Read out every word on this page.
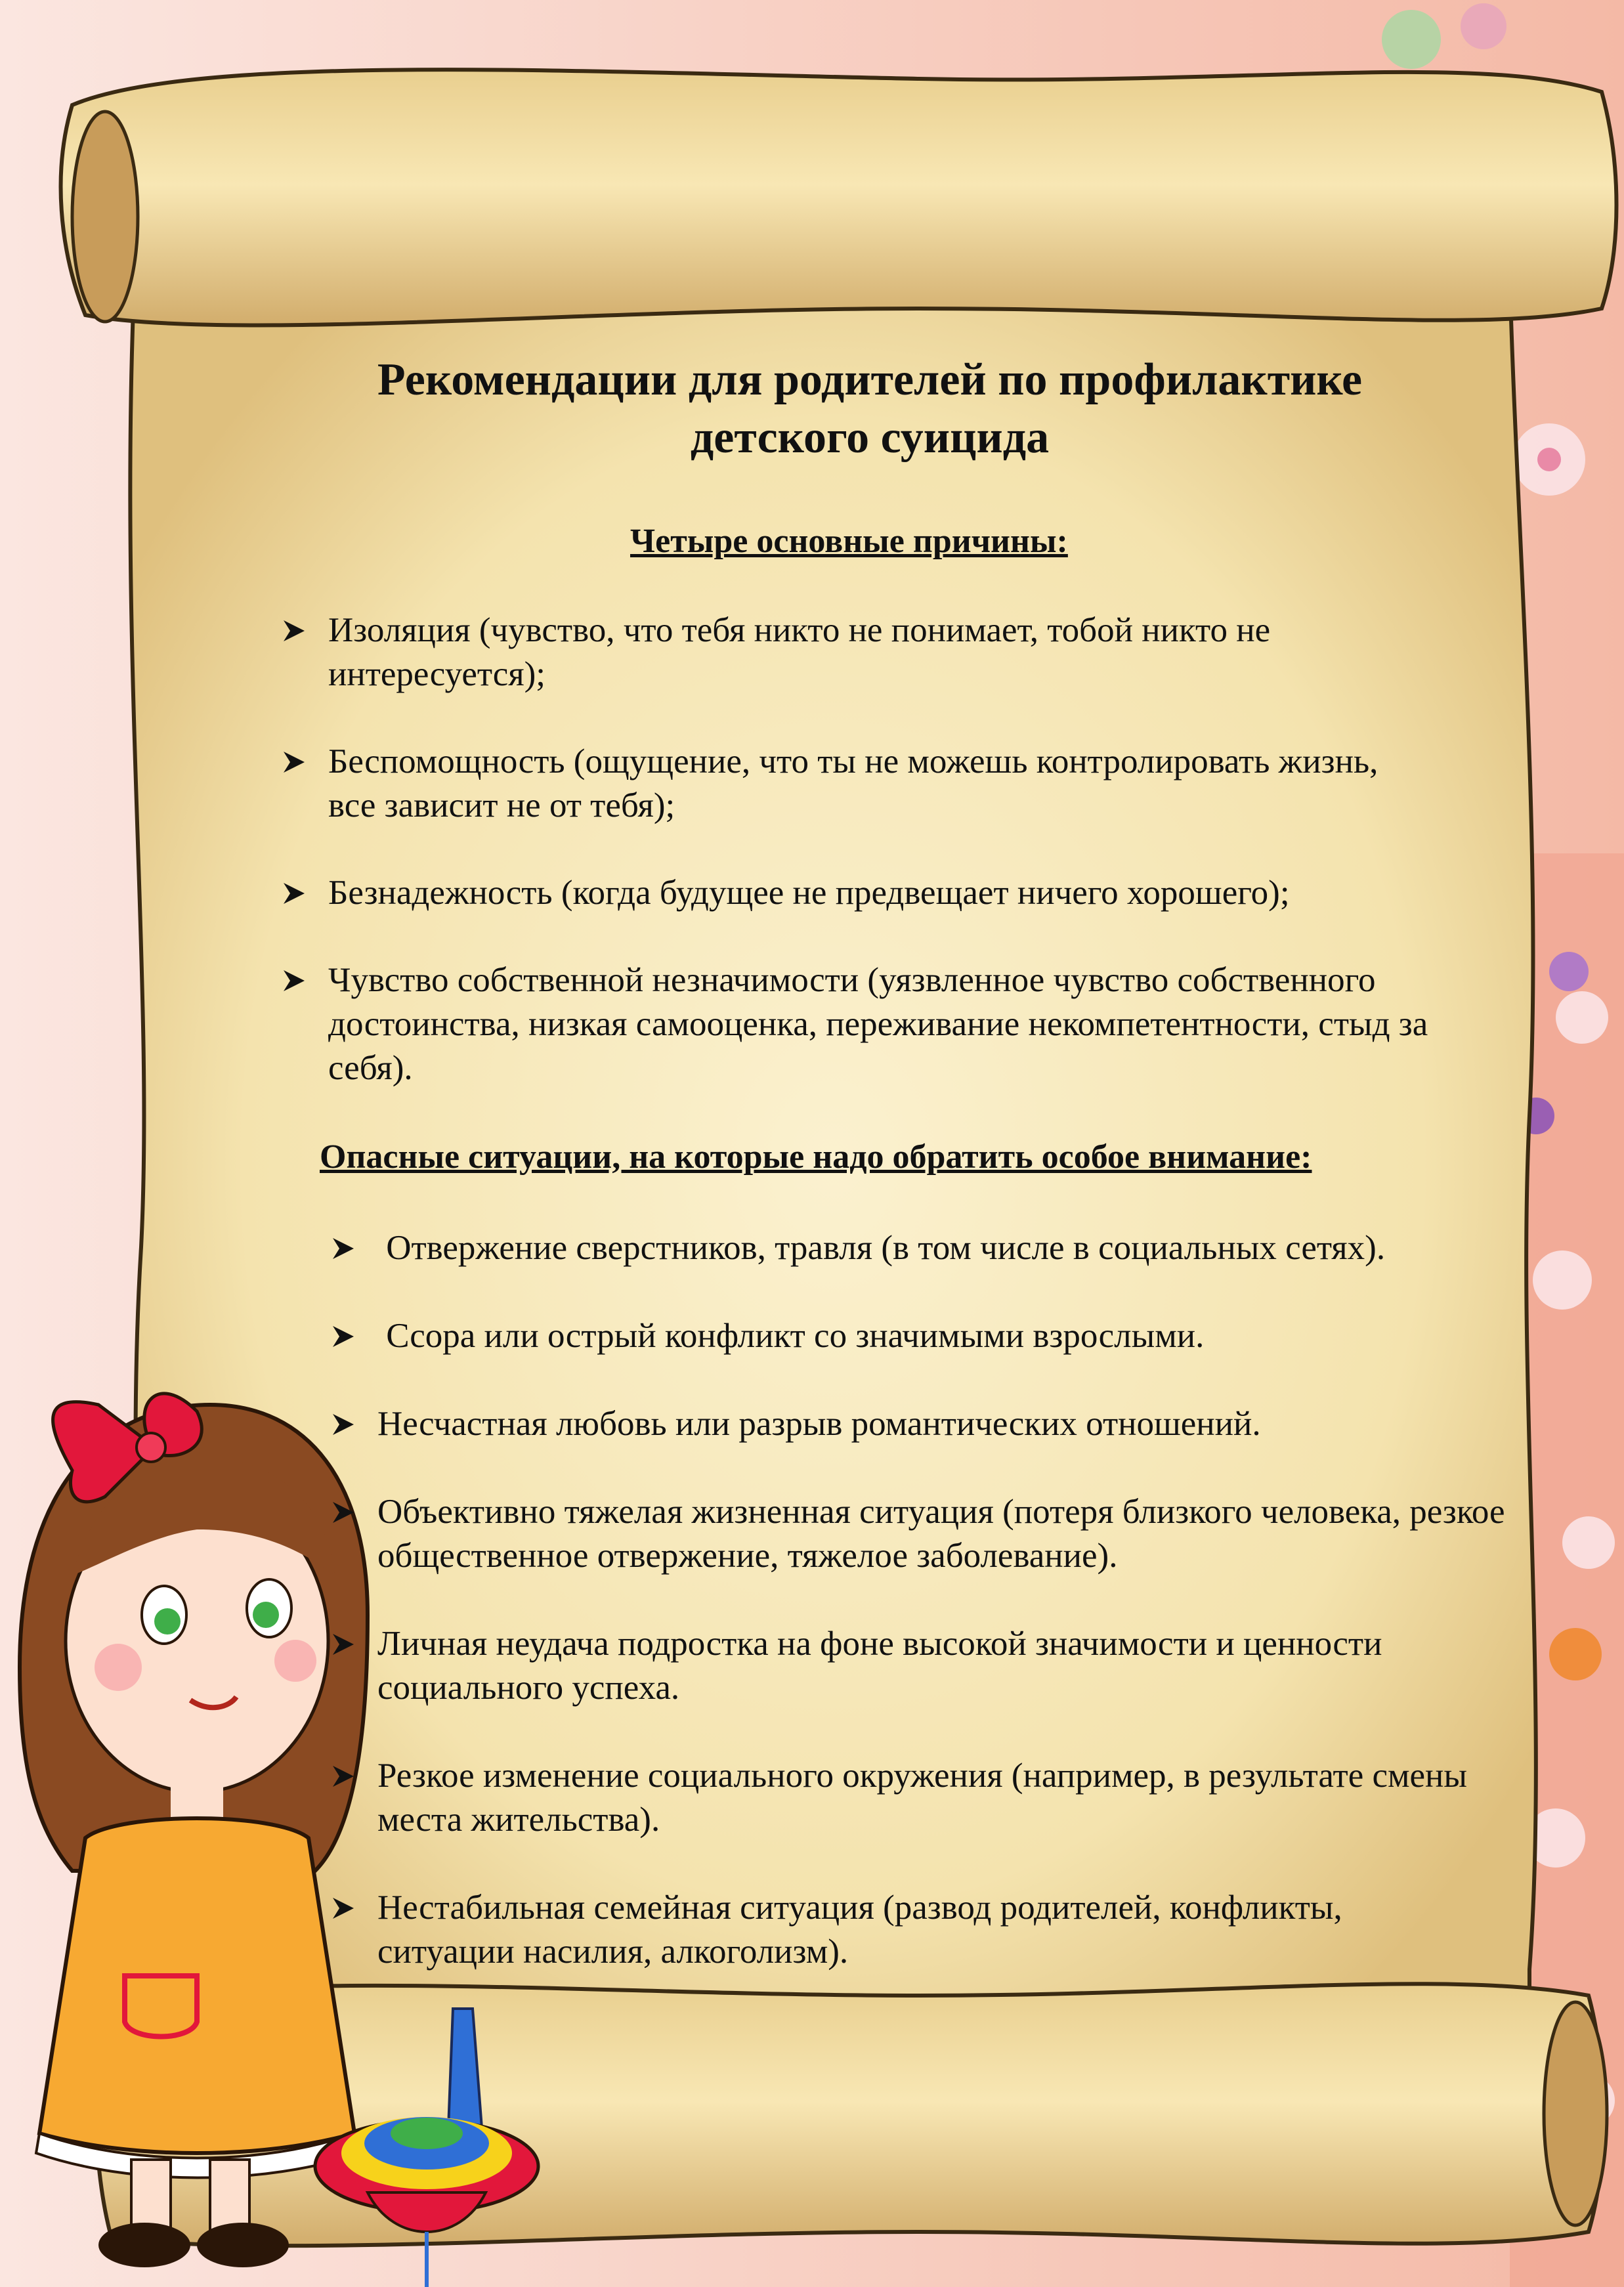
Рекомендации для родителей по профилактике
детского суицида
Четыре основные причины:
Изоляция (чувство, что тебя никто не понимает, тобой никто не интересуется);
Беспомощность (ощущение, что ты не можешь контролировать жизнь, все зависит не от тебя);
Безнадежность (когда будущее не предвещает ничего хорошего);
Чувство собственной незначимости (уязвленное чувство собственного достоинства, низкая самооценка, переживание некомпетентности, стыд за себя).
Опасные ситуации, на которые надо обратить особое внимание:
Отвержение сверстников, травля (в том числе в социальных сетях).
Ссора или острый конфликт со значимыми взрослыми.
Несчастная любовь или разрыв романтических отношений.
Объективно тяжелая жизненная ситуация (потеря близкого человека, резкое общественное отвержение, тяжелое заболевание).
Личная неудача подростка на фоне высокой значимости и ценности социального успеха.
Резкое изменение социального окружения (например, в результате смены места жительства).
Нестабильная семейная ситуация (развод родителей, конфликты, ситуации насилия, алкоголизм).
